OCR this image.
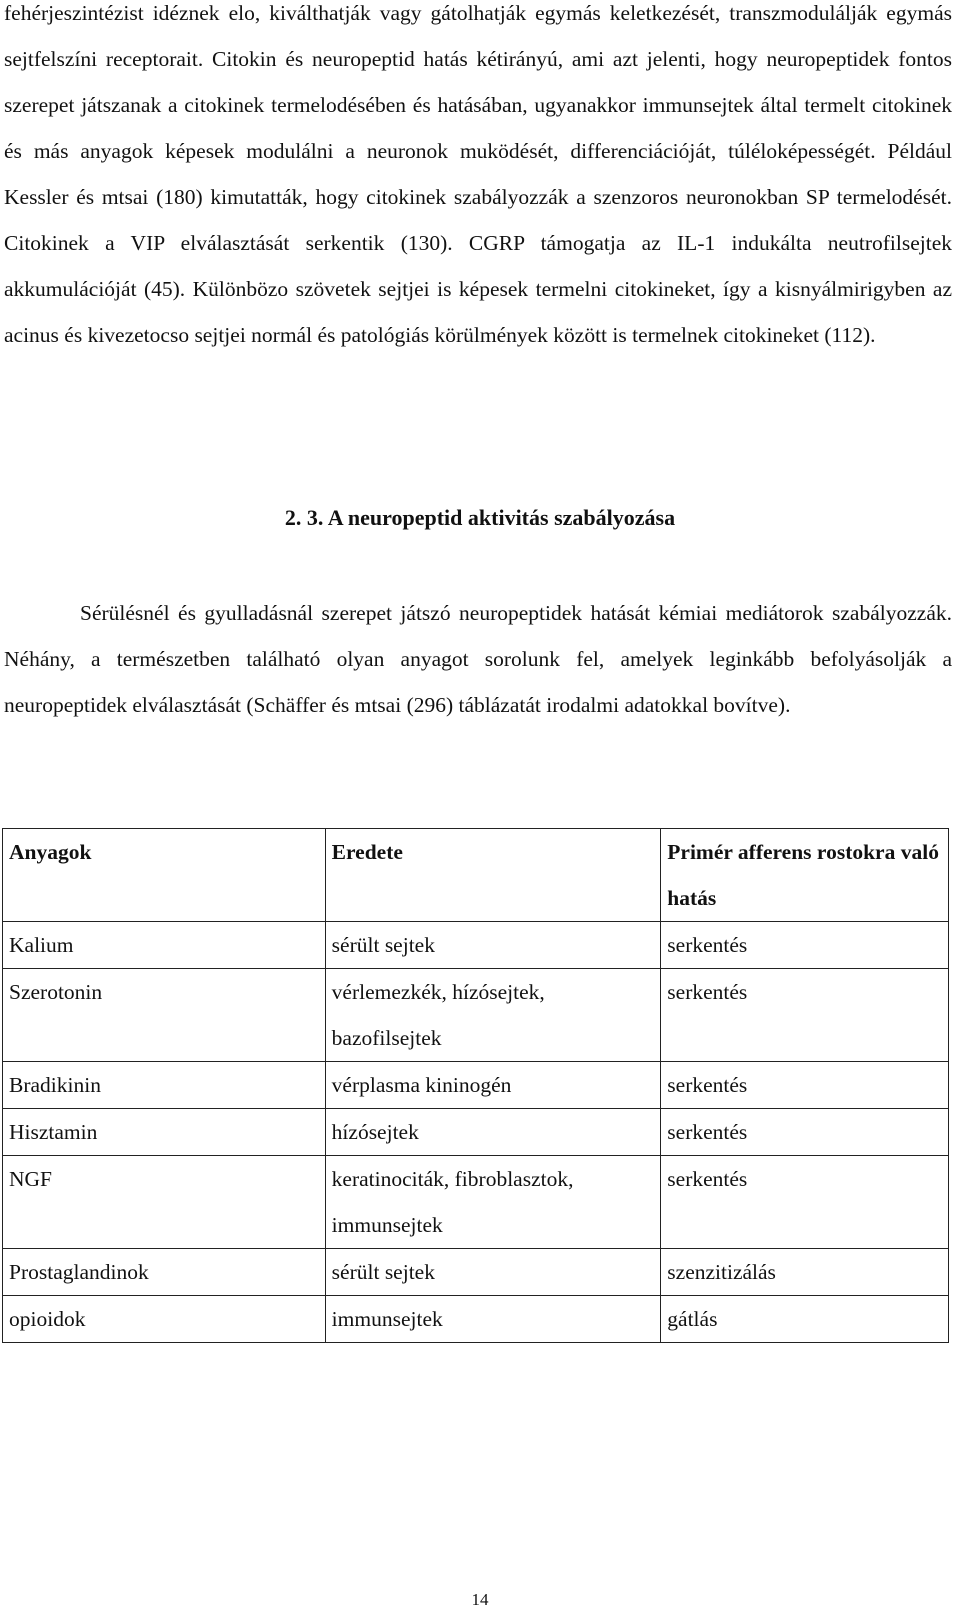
fehérjeszintézist idéznek elo, kiválthatják vagy gátolhatják egymás keletkezését, transzmodulálják egymás sejtfelszíni receptorait. Citokin és neuropeptid hatás kétirányú, ami azt jelenti, hogy neuropeptidek fontos szerepet játszanak a citokinek termelodésében és hatásában, ugyanakkor immunsejtek által termelt citokinek és más anyagok képesek modulálni a neuronok muködését, differenciációját, túléloképességét. Például Kessler és mtsai (180) kimutatták, hogy citokinek szabályozzák a szenzoros neuronokban SP termelodését. Citokinek a VIP elválasztását serkentik (130). CGRP támogatja az IL-1 indukálta neutrofilsejtek akkumulációját (45). Különbözo szövetek sejtjei is képesek termelni citokineket, így a kisnyálmirigyben az acinus és kivezetocso sejtjei normál és patológiás körülmények között is termelnek citokineket (112).

2. 3. A neuropeptid aktivitás szabályozása

Sérülésnél és gyulladásnál szerepet játszó neuropeptidek hatását kémiai mediátorok szabályozzák. Néhány, a természetben található olyan anyagot sorolunk fel, amelyek leginkább befolyásolják a neuropeptidek elválasztását (Schäffer és mtsai (296) táblázatát irodalmi adatokkal bovítve).

Anyagok	Eredete	Primér afferens rostokra való hatás
Kalium	sérült sejtek	serkentés
Szerotonin	vérlemezkék, hízósejtek, bazofilsejtek	serkentés
Bradikinin	vérplasma kininogén	serkentés
Hisztamin	hízósejtek	serkentés
NGF	keratinociták, fibroblasztok, immunsejtek	serkentés
Prostaglandinok	sérült sejtek	szenzitizálás
opioidok	immunsejtek	gátlás
14
